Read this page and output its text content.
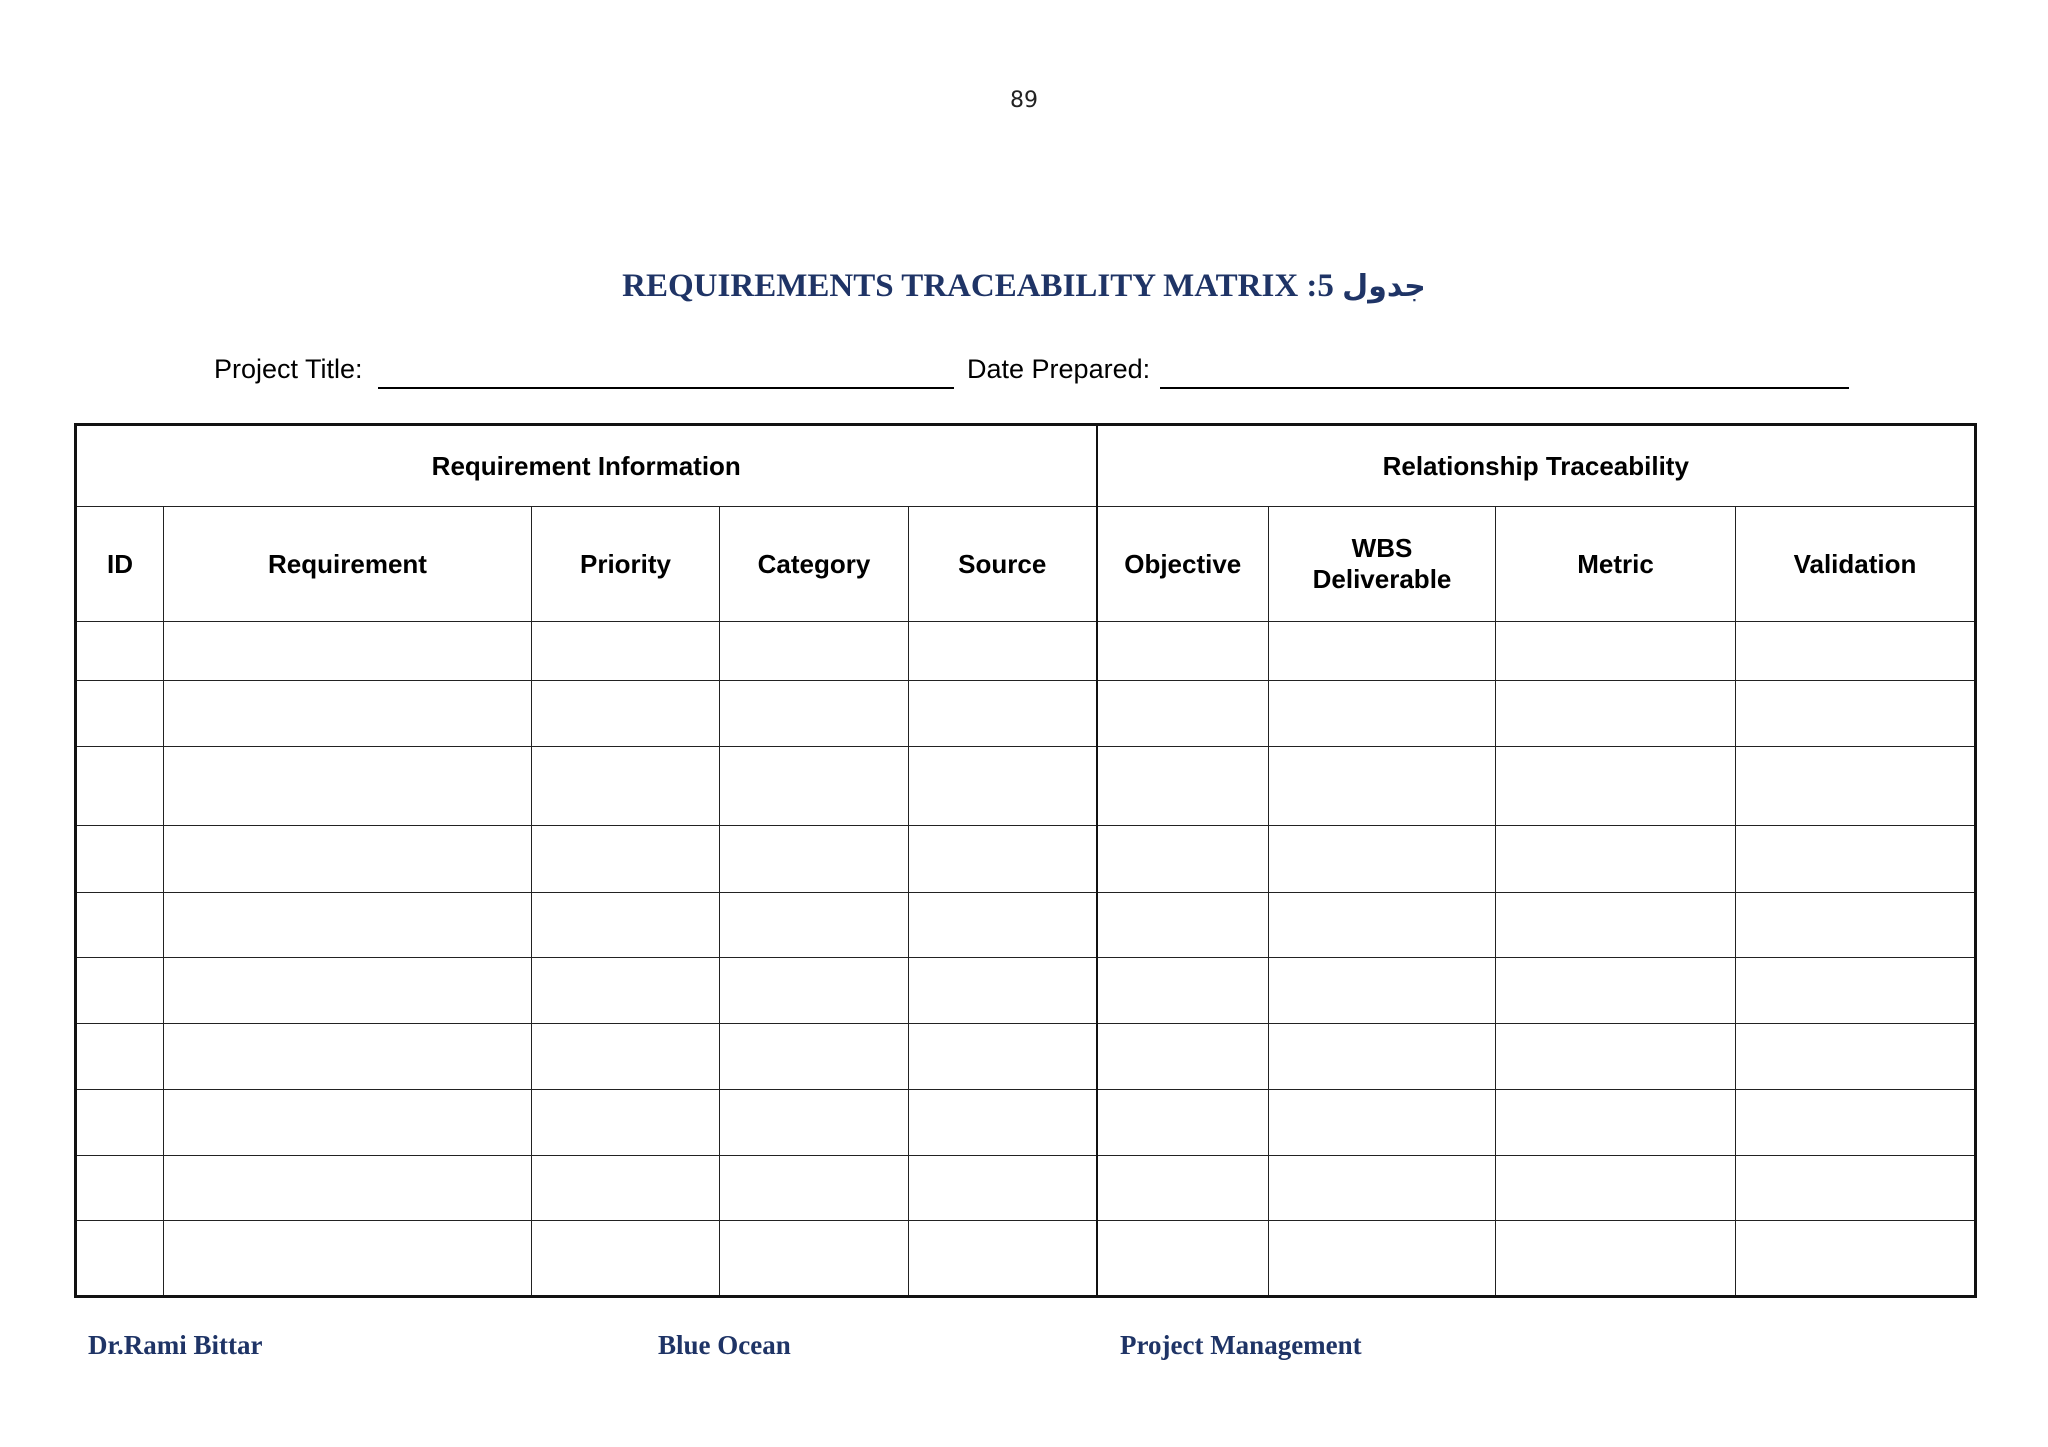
89
REQUIREMENTS TRACEABILITY MATRIX :5 جدول
Project Title:	Date Prepared:
Requirement Information					Relationship Traceability			
ID	Requirement	Priority	Category	Source	Objective	WBS Deliverable	Metric	Validation

Dr.Rami Bittar	Blue Ocean	Project Management
